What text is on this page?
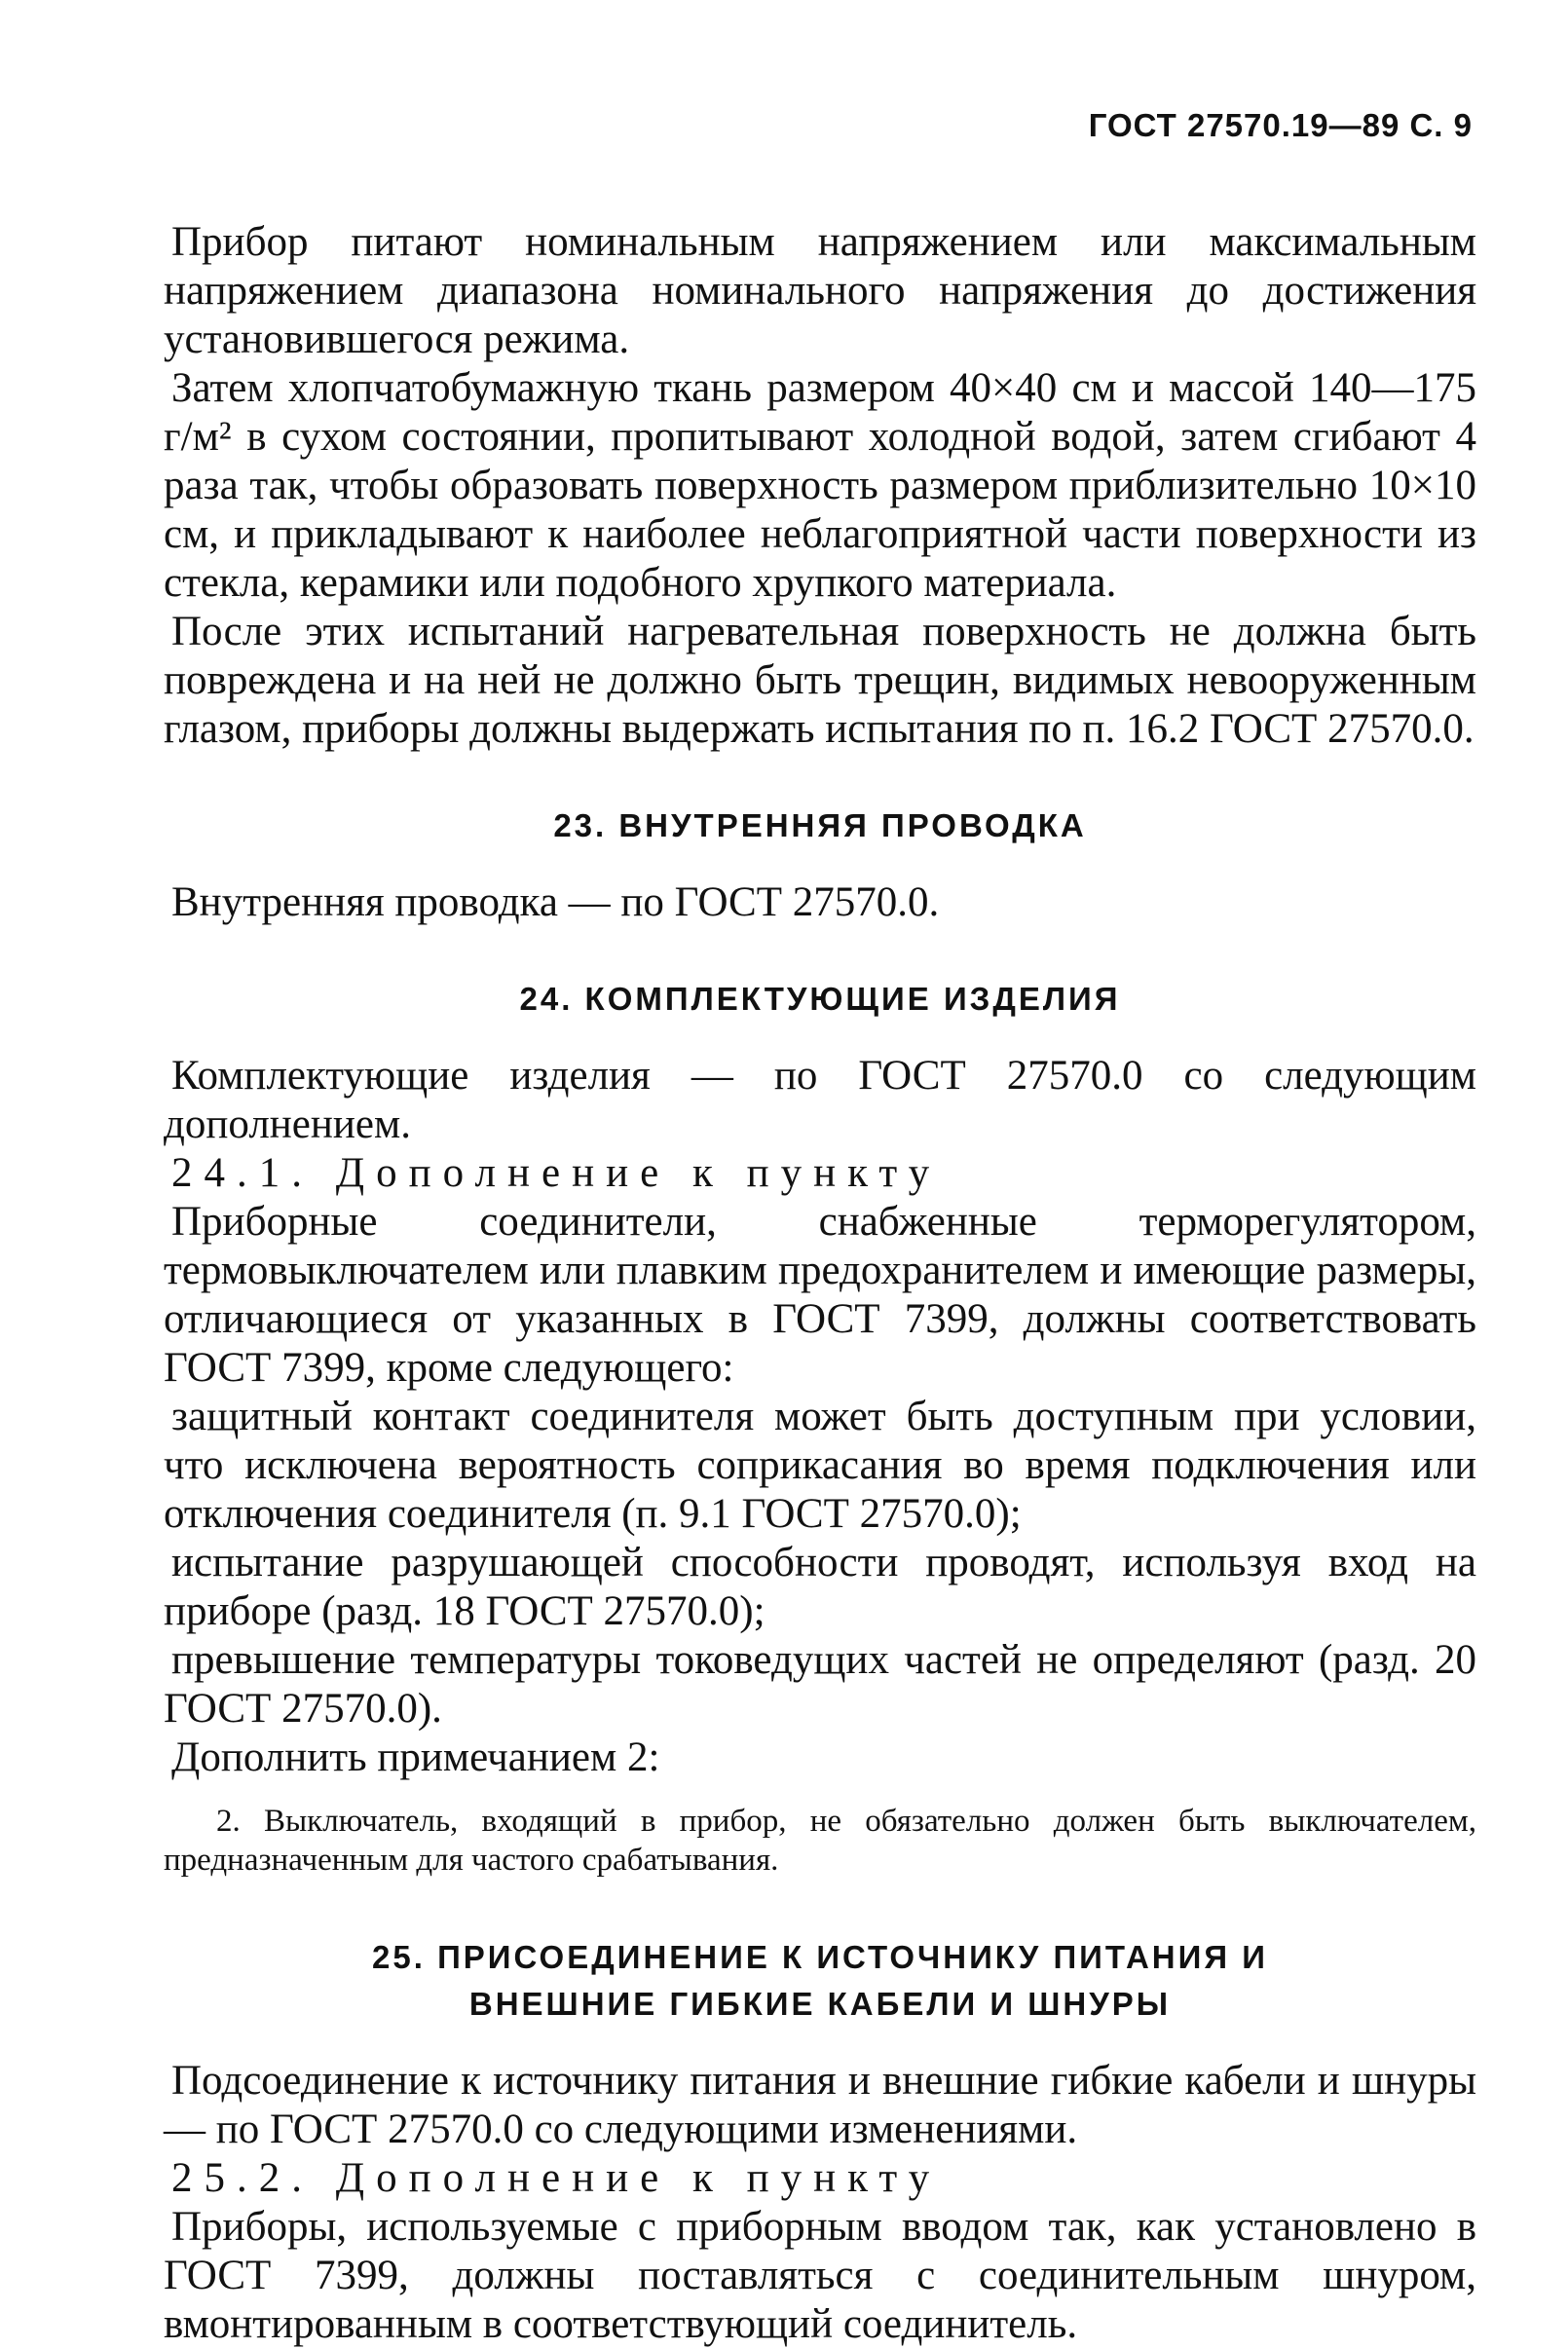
ГОСТ 27570.19—89 С. 9

Прибор питают номинальным напряжением или максимальным напряжением диапазона номинального напряжения до достижения установившегося режима.

Затем хлопчатобумажную ткань размером 40×40 см и массой 140—175 г/м² в сухом состоянии, пропитывают холодной водой, затем сгибают 4 раза так, чтобы образовать поверхность размером приблизительно 10×10 см, и прикладывают к наиболее неблагоприятной части поверхности из стекла, керамики или подобного хрупкого материала.

После этих испытаний нагревательная поверхность не должна быть повреждена и на ней не должно быть трещин, видимых невооруженным глазом, приборы должны выдержать испытания по п. 16.2 ГОСТ 27570.0.

23. ВНУТРЕННЯЯ ПРОВОДКА

Внутренняя проводка — по ГОСТ 27570.0.

24. КОМПЛЕКТУЮЩИЕ ИЗДЕЛИЯ

Комплектующие изделия — по ГОСТ 27570.0 со следующим дополнением.

24.1. Дополнение к пункту

Приборные соединители, снабженные терморегулятором, термовыключателем или плавким предохранителем и имеющие размеры, отличающиеся от указанных в ГОСТ 7399, должны соответствовать ГОСТ 7399, кроме следующего:

защитный контакт соединителя может быть доступным при условии, что исключена вероятность соприкасания во время подключения или отключения соединителя (п. 9.1 ГОСТ 27570.0);

испытание разрушающей способности проводят, используя вход на приборе (разд. 18 ГОСТ 27570.0);

превышение температуры токоведущих частей не определяют (разд. 20 ГОСТ 27570.0).

Дополнить примечанием 2:

2. Выключатель, входящий в прибор, не обязательно должен быть выключателем, предназначенным для частого срабатывания.
25. ПРИСОЕДИНЕНИЕ К ИСТОЧНИКУ ПИТАНИЯ И
ВНЕШНИЕ ГИБКИЕ КАБЕЛИ И ШНУРЫ

Подсоединение к источнику питания и внешние гибкие кабели и шнуры — по ГОСТ 27570.0 со следующими изменениями.

25.2. Дополнение к пункту

Приборы, используемые с приборным вводом так, как установлено в ГОСТ 7399, должны поставляться с соединительным шнуром, вмонтированным в соответствующий соединитель.
